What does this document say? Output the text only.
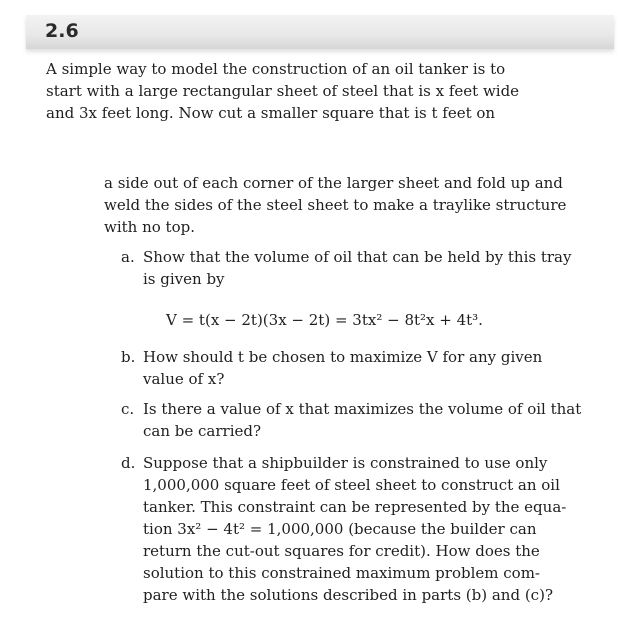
2.6
A simple way to model the construction of an oil tanker is to
start with a large rectangular sheet of steel that is x feet wide
and 3x feet long. Now cut a smaller square that is t feet on
a side out of each corner of the larger sheet and fold up and
weld the sides of the steel sheet to make a traylike structure
with no top.
a. Show that the volume of oil that can be held by this tray
is given by
V = t(x − 2t)(3x − 2t) = 3tx² − 8t²x + 4t³.
b. How should t be chosen to maximize V for any given
value of x?
c. Is there a value of x that maximizes the volume of oil that
can be carried?
d. Suppose that a shipbuilder is constrained to use only
1,000,000 square feet of steel sheet to construct an oil
tanker. This constraint can be represented by the equa-
tion 3x² − 4t² = 1,000,000 (because the builder can
return the cut-out squares for credit). How does the
solution to this constrained maximum problem com-
pare with the solutions described in parts (b) and (c)?
